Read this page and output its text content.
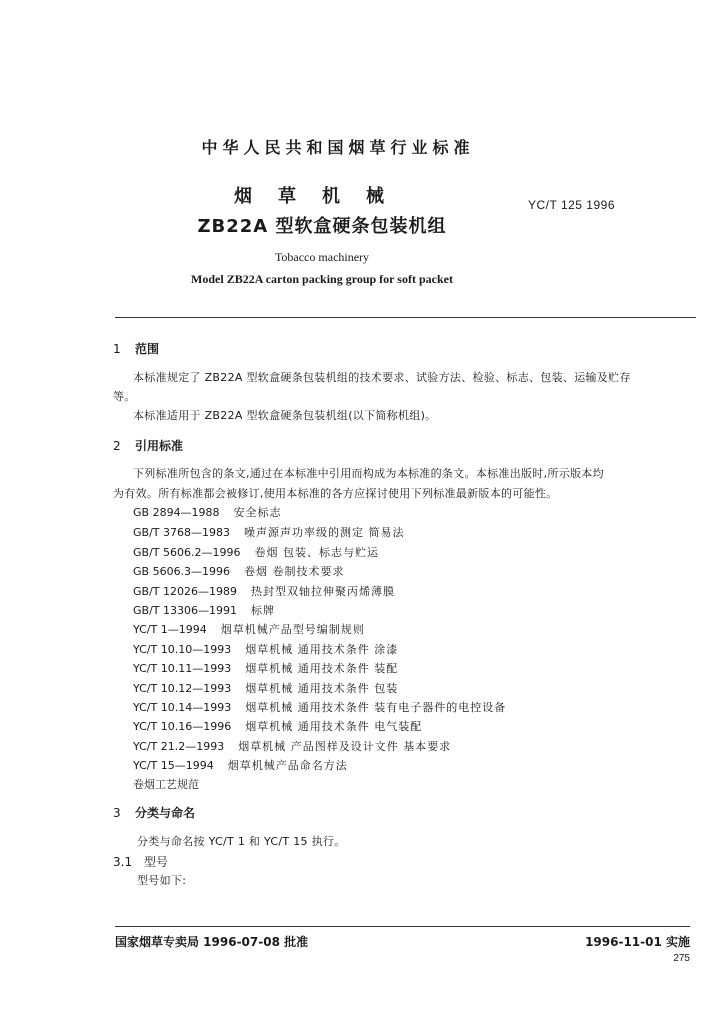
中华人民共和国烟草行业标准
烟草机械
ZB22A 型软盒硬条包装机组
YC/T 125 1996
Tobacco machinery
Model ZB22A carton packing group for soft packet
1 范围
本标准规定了 ZB22A 型软盒硬条包装机组的技术要求、试验方法、检验、标志、包装、运输及贮存
等。
本标准适用于 ZB22A 型软盒硬条包装机组(以下简称机组)。
2 引用标准
下列标准所包含的条文,通过在本标准中引用而构成为本标准的条文。本标准出版时,所示版本均
为有效。所有标准都会被修订,使用本标准的各方应探讨使用下列标准最新版本的可能性。
GB 2894—1988 安全标志
GB/T 3768—1983 噪声源声功率级的测定 简易法
GB/T 5606.2—1996 卷烟 包装、标志与贮运
GB 5606.3—1996 卷烟 卷制技术要求
GB/T 12026—1989 热封型双轴拉伸聚丙烯薄膜
GB/T 13306—1991 标牌
YC/T 1—1994 烟草机械产品型号编制规则
YC/T 10.10—1993 烟草机械 通用技术条件 涂漆
YC/T 10.11—1993 烟草机械 通用技术条件 装配
YC/T 10.12—1993 烟草机械 通用技术条件 包装
YC/T 10.14—1993 烟草机械 通用技术条件 装有电子器件的电控设备
YC/T 10.16—1996 烟草机械 通用技术条件 电气装配
YC/T 21.2—1993 烟草机械 产品图样及设计文件 基本要求
YC/T 15—1994 烟草机械产品命名方法
卷烟工艺规范
3 分类与命名
分类与命名按 YC/T 1 和 YC/T 15 执行。
3.1 型号
型号如下:
国家烟草专卖局 1996-07-08 批准	1996-11-01 实施
275
